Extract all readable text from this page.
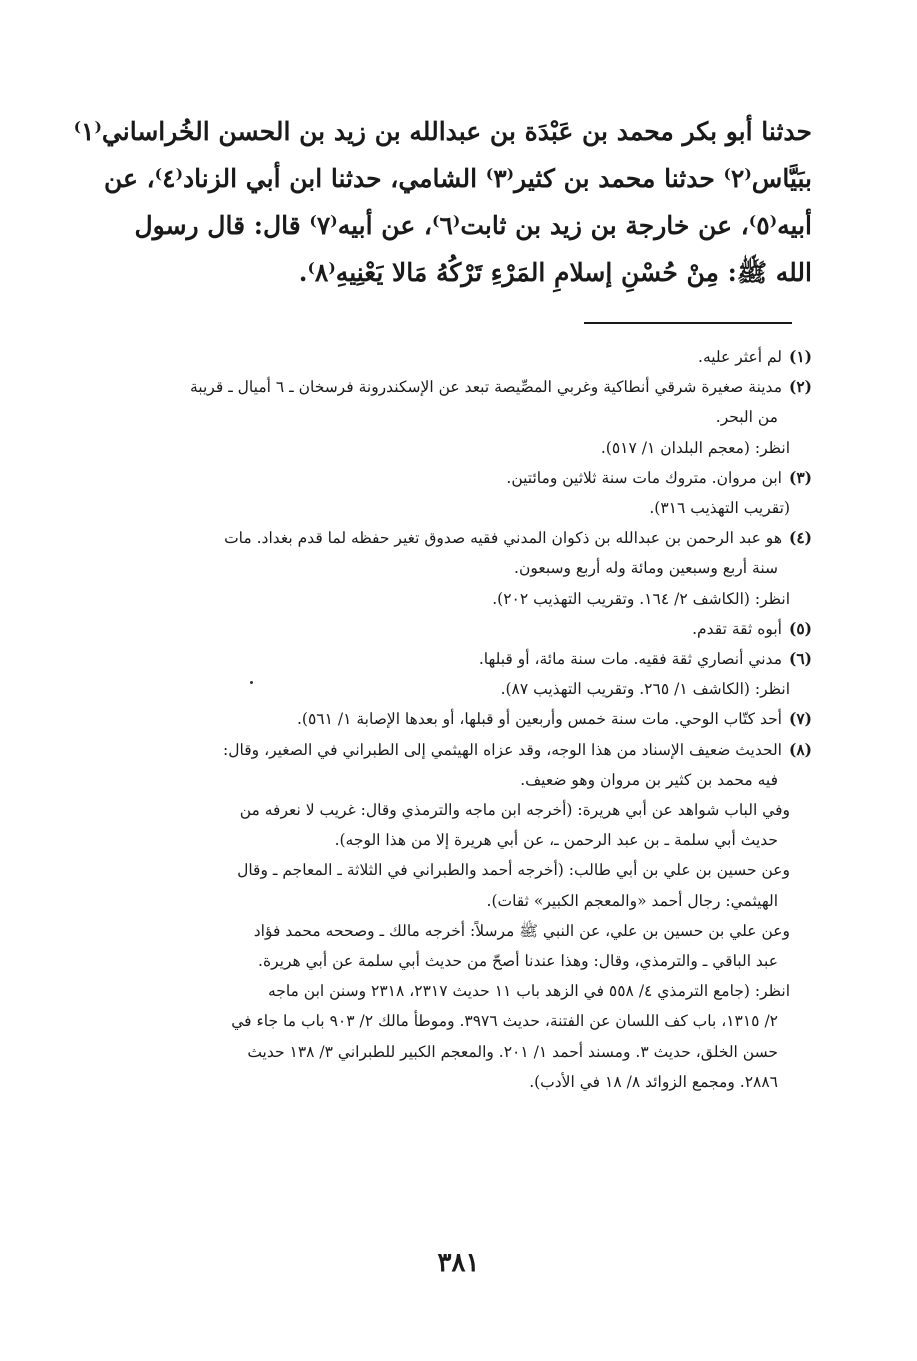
حدثنا أبو بكر محمد بن عَبْدَة بن عبدالله بن زيد بن الحسن الخُراساني⁽١⁾
ببَيَّاس⁽٢⁾ حدثنا محمد بن كثير⁽٣⁾ الشامي، حدثنا ابن أبي الزناد⁽٤⁾، عن
أبيه⁽٥⁾، عن خارجة بن زيد بن ثابت⁽٦⁾، عن أبيه⁽٧⁾ قال: قال رسول
الله ﷺ: مِنْ حُسْنِ إسلامِ المَرْءِ تَرْكُهُ مَالا يَعْنِيهِ⁽٨⁾.
(١)لم أعثر عليه.
(٢)مدينة صغيرة شرقي أنطاكية وغربي المصِّيصة تبعد عن الإسكندرونة فرسخان ـ ٦ أميال ـ قريبة
من البحر.
انظر: (معجم البلدان ١/ ٥١٧).
(٣)ابن مروان. متروك مات سنة ثلاثين ومائتين.
(تقريب التهذيب ٣١٦).
(٤)هو عبد الرحمن بن عبدالله بن ذكوان المدني فقيه صدوق تغير حفظه لما قدم بغداد. مات
سنة أربع وسبعين ومائة وله أربع وسبعون.
انظر: (الكاشف ٢/ ١٦٤. وتقريب التهذيب ٢٠٢).
(٥)أبوه ثقة تقدم.
(٦)مدني أنصاري ثقة فقيه. مات سنة مائة، أو قبلها.
انظر: (الكاشف ١/ ٢٦٥. وتقريب التهذيب ٨٧).
(٧)أحد كتّاب الوحي. مات سنة خمس وأربعين أو قبلها، أو بعدها الإصابة ١/ ٥٦١).
(٨)الحديث ضعيف الإسناد من هذا الوجه، وقد عزاه الهيثمي إلى الطبراني في الصغير، وقال:
فيه محمد بن كثير بن مروان وهو ضعيف.
وفي الباب شواهد عن أبي هريرة: (أخرجه ابن ماجه والترمذي وقال: غريب لا نعرفه من
حديث أبي سلمة ـ بن عبد الرحمن ـ، عن أبي هريرة إلا من هذا الوجه).
وعن حسين بن علي بن أبي طالب: (أخرجه أحمد والطبراني في الثلاثة ـ المعاجم ـ وقال
الهيثمي: رجال أحمد «والمعجم الكبير» ثقات).
وعن علي بن حسين بن علي، عن النبي ﷺ مرسلاً: أخرجه مالك ـ وصححه محمد فؤاد
عبد الباقي ـ والترمذي، وقال: وهذا عندنا أصحّ من حديث أبي سلمة عن أبي هريرة.
انظر: (جامع الترمذي ٤/ ٥٥٨ في الزهد باب ١١ حديث ٢٣١٧، ٢٣١٨ وسنن ابن ماجه
٢/ ١٣١٥، باب كف اللسان عن الفتنة، حديث ٣٩٧٦. وموطأ مالك ٢/ ٩٠٣ باب ما جاء في
حسن الخلق، حديث ٣. ومسند أحمد ١/ ٢٠١. والمعجم الكبير للطبراني ٣/ ١٣٨ حديث
٢٨٨٦. ومجمع الزوائد ٨/ ١٨ في الأدب).
٣٨١
